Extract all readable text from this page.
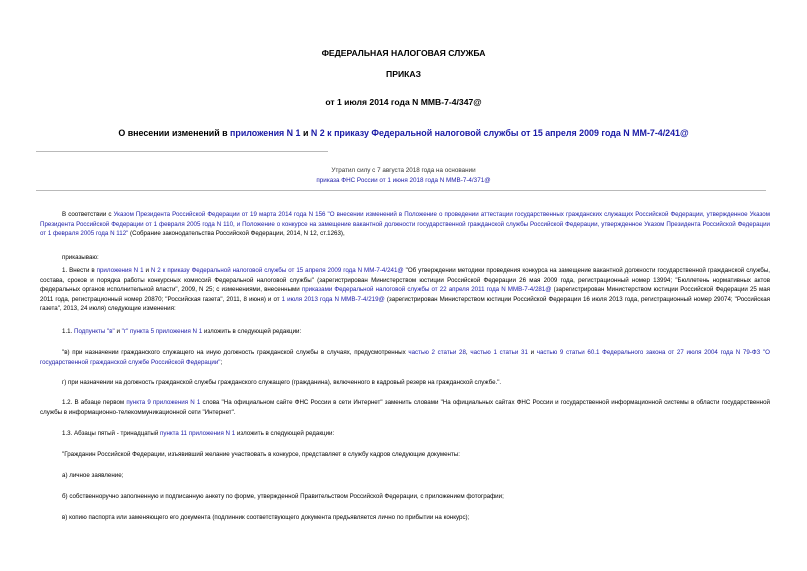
ФЕДЕРАЛЬНАЯ НАЛОГОВАЯ СЛУЖБА
ПРИКАЗ
от 1 июля 2014 года N ММВ-7-4/347@
О внесении изменений в приложения N 1 и N 2 к приказу Федеральной налоговой службы от 15 апреля 2009 года N ММ-7-4/241@
Утратил силу с 7 августа 2018 года на основании
приказа ФНС России от 1 июня 2018 года N ММВ-7-4/371@
В соответствии с Указом Президента Российской Федерации от 19 марта 2014 года N 156 "О внесении изменений в Положение о проведении аттестации государственных гражданских служащих Российской Федерации, утвержденное Указом Президента Российской Федерации от 1 февраля 2005 года N 110, и Положение о конкурсе на замещение вакантной должности государственной гражданской службы Российской Федерации, утвержденное Указом Президента Российской Федерации от 1 февраля 2005 года N 112" (Собрание законодательства Российской Федерации, 2014, N 12, ст.1263),
приказываю:
1. Внести в приложения N 1 и N 2 к приказу Федеральной налоговой службы от 15 апреля 2009 года N ММ-7-4/241@ "Об утверждении методики проведения конкурса на замещение вакантной должности государственной гражданской службы, состава, сроков и порядка работы конкурсных комиссий Федеральной налоговой службы" (зарегистрирован Министерством юстиции Российской Федерации 26 мая 2009 года, регистрационный номер 13994; "Бюллетень нормативных актов федеральных органов исполнительной власти", 2009, N 25; с изменениями, внесенными приказами Федеральной налоговой службы от 22 апреля 2011 года N ММВ-7-4/281@ (зарегистрирован Министерством юстиции Российской Федерации 25 мая 2011 года, регистрационный номер 20870; "Российская газета", 2011, 8 июня) и от 1 июля 2013 года N ММВ-7-4/219@ (зарегистрирован Министерством юстиции Российской Федерации 16 июля 2013 года, регистрационный номер 29074; "Российская газета", 2013, 24 июля) следующие изменения:
1.1. Подпункты "в" и "г" пункта 5 приложения N 1 изложить в следующей редакции:
"в) при назначении гражданского служащего на иную должность гражданской службы в случаях, предусмотренных частью 2 статьи 28, частью 1 статьи 31 и частью 9 статьи 60.1 Федерального закона от 27 июля 2004 года N 79-ФЗ "О государственной гражданской службе Российской Федерации";
г) при назначении на должность гражданской службы гражданского служащего (гражданина), включенного в кадровый резерв на гражданской службе.".
1.2. В абзаце первом пункта 9 приложения N 1 слова "На официальном сайте ФНС России в сети Интернет" заменить словами "На официальных сайтах ФНС России и государственной информационной системы в области государственной службы в информационно-телекоммуникационной сети "Интернет".
1.3. Абзацы пятый - тринадцатый пункта 11 приложения N 1 изложить в следующей редакции:
"Гражданин Российской Федерации, изъявивший желание участвовать в конкурсе, представляет в службу кадров следующие документы:
а) личное заявление;
б) собственноручно заполненную и подписанную анкету по форме, утвержденной Правительством Российской Федерации, с приложением фотографии;
в) копию паспорта или заменяющего его документа (подлинник соответствующего документа предъявляется лично по прибытии на конкурс);
